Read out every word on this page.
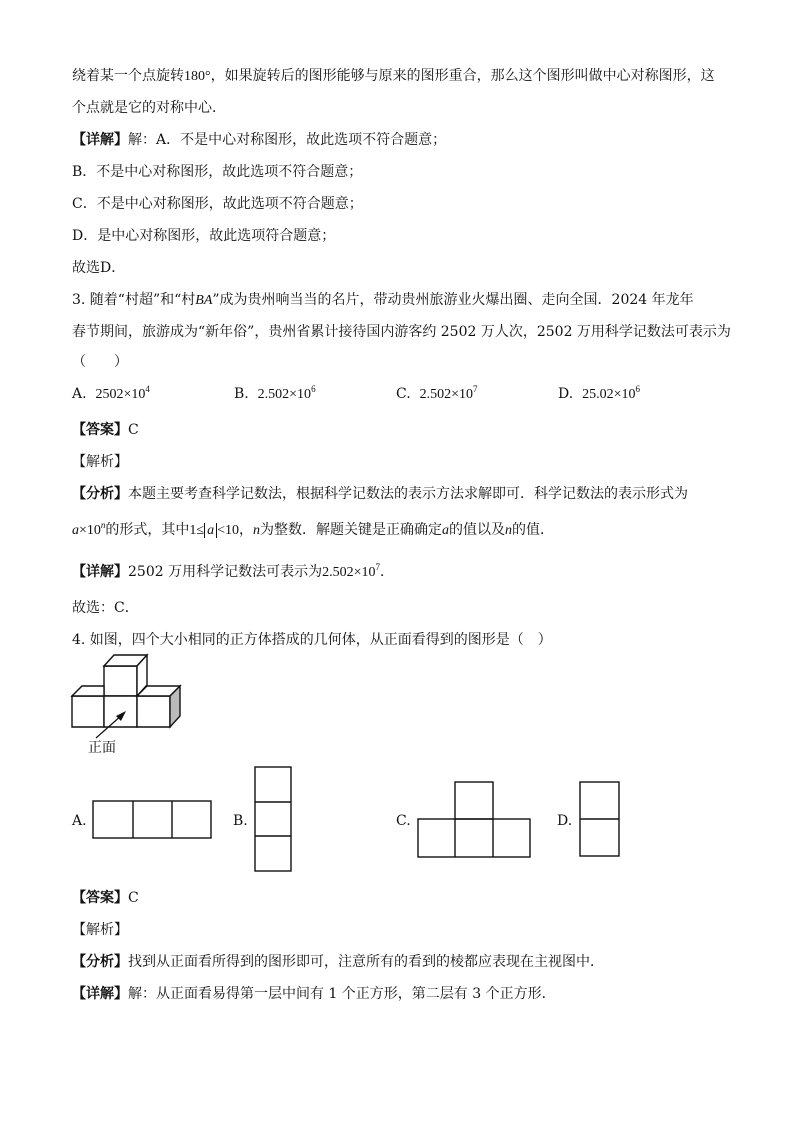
绕着某一个点旋转180°，如果旋转后的图形能够与原来的图形重合，那么这个图形叫做中心对称图形，这
个点就是它的对称中心．
【详解】解：A．不是中心对称图形，故此选项不符合题意；
B．不是中心对称图形，故此选项不符合题意；
C．不是中心对称图形，故此选项不符合题意；
D．是中心对称图形，故此选项符合题意；
故选D．
3. 随着“村超”和“村BA”成为贵州响当当的名片，带动贵州旅游业火爆出圈、走向全国．2024 年龙年
春节期间，旅游成为“新年俗”，贵州省累计接待国内游客约 2502 万人次，2502 万用科学记数法可表示为
（　　）
A. $2502\times 10^4$	B. $2.502\times 10^6$	C. $2.502\times 10^7$	D. $25.02\times 10^6$
【答案】C
【解析】
【分析】本题主要考查科学记数法，根据科学记数法的表示方法求解即可．科学记数法的表示形式为
$a\times 10^n$的形式，其中1≤ a <10，n为整数．解题关键是正确确定a的值以及n的值．
【详解】2502 万用科学记数法可表示为$2.502\times 10^7$．
故选：C．
4. 如图，四个大小相同的正方体搭成的几何体，从正面看得到的图形是（　）
正面
A.	B.	C.	D.
【答案】C
【解析】
【分析】找到从正面看所得到的图形即可，注意所有的看到的棱都应表现在主视图中．
【详解】解：从正面看易得第一层中间有 1 个正方形，第二层有 3 个正方形．
